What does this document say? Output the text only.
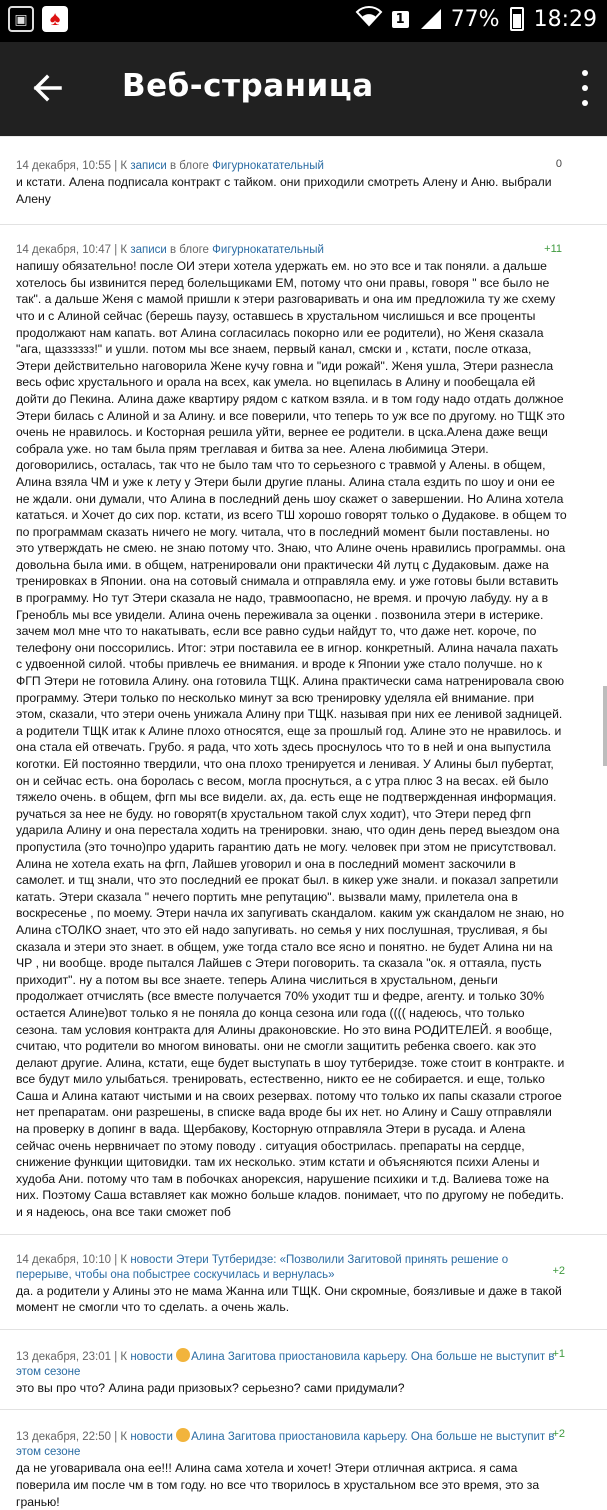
▣	♠	1 77% 18:29
Веб-страница
14 декабря, 10:55 | К записи в блоге Фигурнокатательный	0
и кстати. Алена подписала контракт с тайком. они приходили смотреть Алену и Аню. выбрали Алену
14 декабря, 10:47 | К записи в блоге Фигурнокатательный	+11
напишу обязательно! после ОИ этери хотела удержать ем. но это все и так поняли. а дальше хотелось бы извинится перед болельщиками ЕМ, потому что они правы, говоря " все было не так". а дальше Женя с мамой пришли к этери разговаривать и она им предложила ту же схему что и с Алиной сейчас (берешь паузу, оставшесь в хрустальном числишься и все проценты продолжают нам капать. вот Алина согласилась покорно или ее родители), но Женя сказала "ага, щазззззз!" и ушли. потом мы все знаем, первый канал, смски и , кстати, после отказа, Этери действительно наговорила Жене кучу говна и "иди рожай". Женя ушла, Этери разнесла весь офис хрустального и орала на всех, как умела. но вцепилась в Алину и пообещала ей дойти до Пекина. Алина даже квартиру рядом с катком взяла. и в том году надо отдать должное Этери билась с Алиной и за Алину. и все поверили, что теперь то уж все по другому. но ТЩК это очень не нравилось. и Косторная решила уйти, вернее ее родители. в цска.Алена даже вещи собрала уже. но там была прям треглавая и битва за нее. Алена любимица Этери. договорились, осталась, так что не было там что то серьезного с травмой у Алены. в общем, Алина взяла ЧМ и уже к лету у Этери были другие планы. Алина стала ездить по шоу и они ее не ждали. они думали, что Алина в последний день шоу скажет о завершении. Но Алина хотела кататься. и Хочет до сих пор. кстати, из всего ТШ хорошо говорят только о Дудакове. в общем то по программам сказать ничего не могу. читала, что в последний момент были поставлены. но это утверждать не смею. не знаю потому что. Знаю, что Алине очень нравились программы. она довольна была ими. в общем, натренировали они практически 4й лутц с Дудаковым. даже на тренировках в Японии. она на сотовый снимала и отправляла ему. и уже готовы были вставить в программу. Но тут Этери сказала не надо, травмоопасно, не время. и прочую лабуду. ну а в Гренобль мы все увидели. Алина очень переживала за оценки . позвонила этери в истерике. зачем мол мне что то накатывать, если все равно судьи найдут то, что даже нет. короче, по телефону они поссорились. Итог: этри поставила ее в игнор. конкретный. Алина начала пахать с удвоенной силой. чтобы привлечь ее внимания. и вроде к Японии уже стало получше. но к ФГП Этери не готовила Алину. она готовила ТЩК. Алина практически сама натренировала свою программу. Этери только по несколько минут за всю тренировку уделяла ей внимание. при этом, сказали, что этери очень унижала Алину при ТЩК. называя при них ее ленивой задницей. а родители ТЩК итак к Алине плохо относятся, еще за прошлый год. Алине это не нравилось. и она стала ей отвечать. Грубо. я рада, что хоть здесь проснулось что то в ней и она выпустила коготки. Ей постоянно твердили, что она плохо тренируется и ленивая. У Алины был пубертат, он и сейчас есть. она боролась с весом, могла проснуться, а с утра плюс 3 на весах. ей было тяжело очень. в общем, фгп мы все видели. ах, да. есть еще не подтвержденная информация. ручаться за нее не буду. но говорят(в хрустальном такой слух ходит), что Этери перед фгп ударила Алину и она перестала ходить на тренировки. знаю, что один день перед выездом она пропустила (это точно)про ударить гарантию дать не могу. человек при этом не присутствовал. Алина не хотела ехать на фгп, Лайшев уговорил и она в последний момент заскочили в самолет. и тщ знали, что это последний ее прокат был. в кикер уже знали. и показал запретили катать. Этери сказала " нечего портить мне репутацию". вызвали маму, прилетела она в воскресенье , по моему. Этери начла их запугивать скандалом. каким уж скандалом не знаю, но Алина сТОЛКО знает, что это ей надо запугивать. но семья у них послушная, трусливая, я бы сказала и этери это знает. в общем, уже тогда стало все ясно и понятно. не будет Алина ни на ЧР , ни вообще. вроде пытался Лайшев с Этери поговорить. та сказала "ок. я оттаяла, пусть приходит". ну а потом вы все знаете. теперь Алина числиться в хрустальном, деньги продолжает отчислять (все вместе получается 70% уходит тш и федре, агенту. и только 30% остается Алине)вот только я не поняла до конца сезона или года (((( надеюсь, что только сезона. там условия контракта для Алины драконовские. Но это вина РОДИТЕЛЕЙ. я вообще, считаю, что родители во многом виноваты. они не смогли защитить ребенка своего. как это делают другие. Алина, кстати, еще будет выступать в шоу тутберидзе. тоже стоит в контракте. и все будут мило улыбаться. тренировать, естественно, никто ее не собирается. и еще, только Саша и Алина катают чистыми и на своих резервах. потому что только их папы сказали строгое нет препаратам. они разрешены, в списке вада вроде бы их нет. но Алину и Сашу отправляли на проверку в допинг в вада. Щербакову, Косторную отправляла Этери в русада. и Алена сейчас очень нервничает по этому поводу . ситуация обострилась. препараты на сердце, снижение функции щитовидки. там их несколько. этим кстати и объясняются психи Алены и худоба Ани. потому что там в побочках анорексия, нарушение психики и т.д. Валиева тоже на них. Поэтому Саша вставляет как можно больше кладов. понимает, что по другому не победить. и я надеюсь, она все таки сможет поб
14 декабря, 10:10 | К новости Этери Тутберидзе: «Позволили Загитовой принять решение о перерыве, чтобы она побыстрее соскучилась и вернулась»	+2
да. а родители у Алины это не мама Жанна или ТЩК. Они скромные, боязливые и даже в такой момент не смогли что то сделать. а очень жаль.
13 декабря, 23:01 | К новости Алина Загитова приостановила карьеру. Она больше не выступит в этом сезоне
+1
это вы про что? Алина ради призовых? серьезно? сами придумали?
13 декабря, 22:50 | К новости Алина Загитова приостановила карьеру. Она больше не выступит в этом сезоне
+2
да не уговаривала она ее!!! Алина сама хотела и хочет! Этери отличная актриса. я сама поверила им после чм в том году. но все что творилось в хрустальном все это время, это за гранью!
